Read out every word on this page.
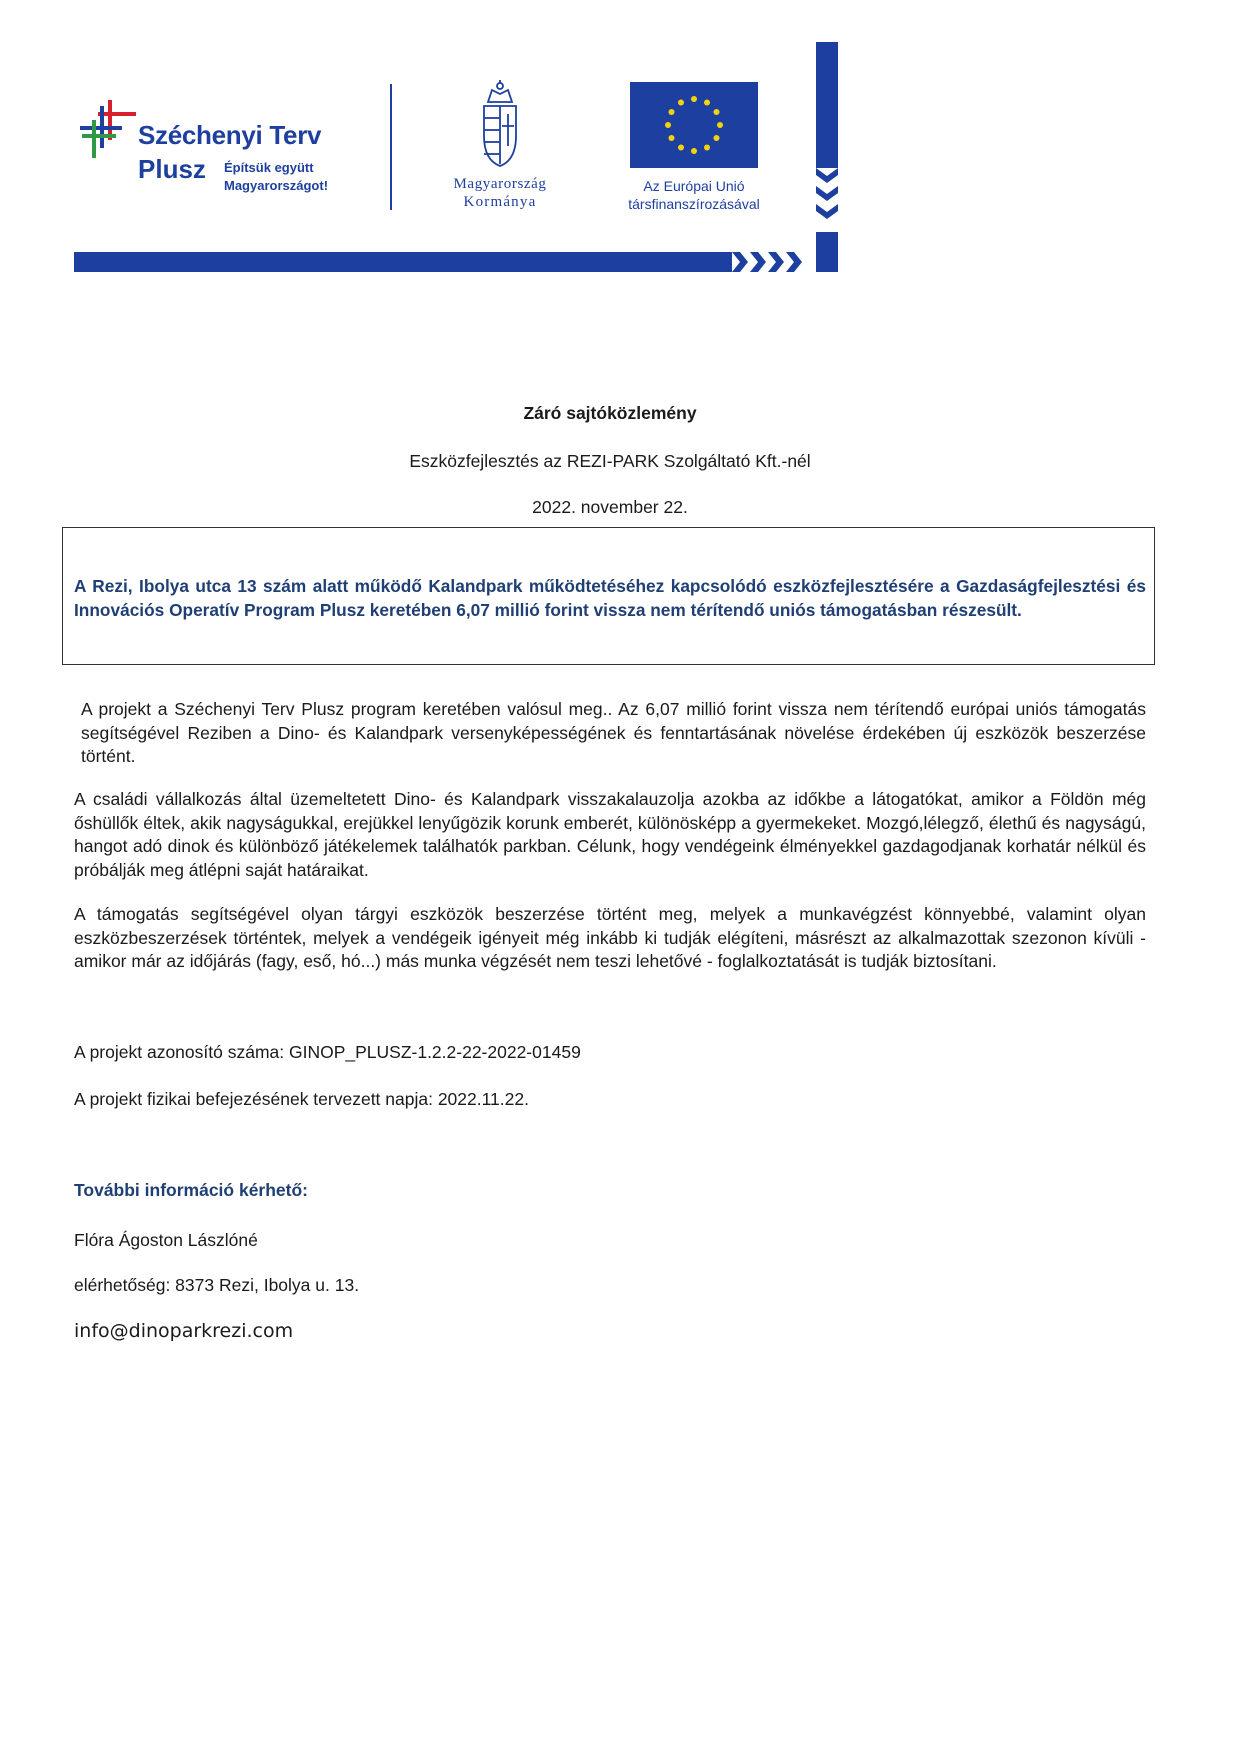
Széchenyi Terv
Plusz Építsük együtt
Magyarországot!	Magyarország
Kormánya
Az Európai Unió
társfinanszírozásával
Záró sajtóközlemény
Eszközfejlesztés az REZI-PARK Szolgáltató Kft.-nél
2022. november 22.
A Rezi, Ibolya utca 13 szám alatt működő Kalandpark működtetéséhez kapcsolódó eszközfejlesztésére a Gazdaságfejlesztési és Innovációs Operatív Program Plusz keretében 6,07 millió forint vissza nem térítendő uniós támogatásban részesült.
A projekt a Széchenyi Terv Plusz program keretében valósul meg.. Az 6,07 millió forint vissza nem térítendő európai uniós támogatás segítségével Reziben a Dino- és Kalandpark versenyképességének és fenntartásának növelése érdekében új eszközök beszerzése történt.
A családi vállalkozás által üzemeltetett Dino- és Kalandpark visszakalauzolja azokba az időkbe a látogatókat, amikor a Földön még őshüllők éltek, akik nagyságukkal, erejükkel lenyűgözik korunk emberét, különösképp a gyermekeket. Mozgó,lélegző, élethű és nagyságú, hangot adó dinok és különböző játékelemek találhatók parkban. Célunk, hogy vendégeink élményekkel gazdagodjanak korhatár nélkül és próbálják meg átlépni saját határaikat.
A támogatás segítségével olyan tárgyi eszközök beszerzése történt meg, melyek a munkavégzést könnyebbé, valamint olyan eszközbeszerzések történtek, melyek a vendégeik igényeit még inkább ki tudják elégíteni, másrészt az alkalmazottak szezonon kívüli - amikor már az időjárás (fagy, eső, hó...) más munka végzését nem teszi lehetővé - foglalkoztatását is tudják biztosítani.
A projekt azonosító száma: GINOP_PLUSZ-1.2.2-22-2022-01459
A projekt fizikai befejezésének tervezett napja: 2022.11.22.
További információ kérhető:
Flóra Ágoston Lászlóné
elérhetőség: 8373 Rezi, Ibolya u. 13.
info@dinoparkrezi.com
